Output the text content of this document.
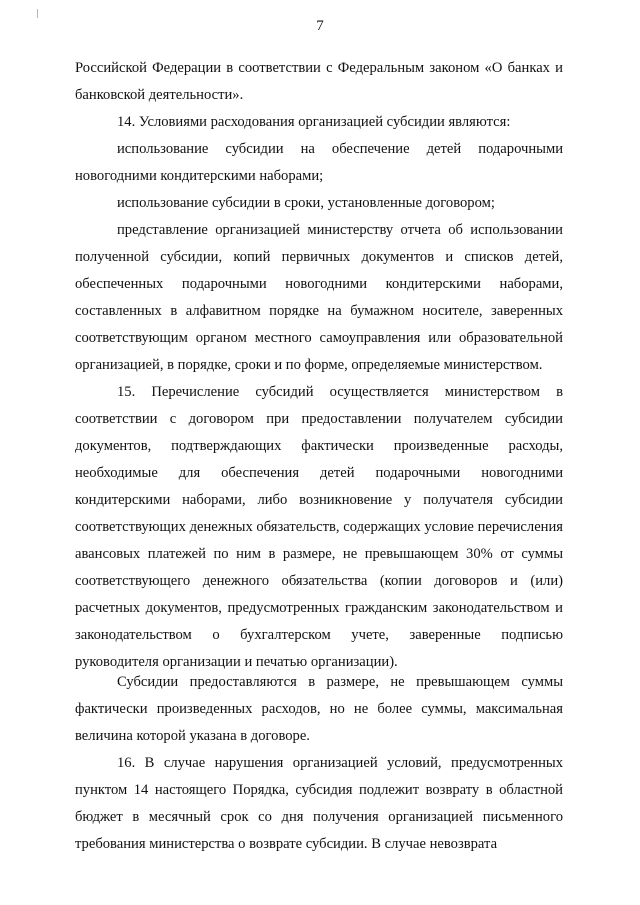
7

Российской Федерации в соответствии с Федеральным законом «О банках и банковской деятельности».

14. Условиями расходования организацией субсидии являются:

использование субсидии на обеспечение детей подарочными новогодними кондитерскими наборами;

использование субсидии в сроки, установленные договором;

представление организацией министерству отчета об использовании полученной субсидии, копий первичных документов и списков детей, обеспеченных подарочными новогодними кондитерскими наборами, составленных в алфавитном порядке на бумажном носителе, заверенных соответствующим органом местного самоуправления или образовательной организацией, в порядке, сроки и по форме, определяемые министерством.

15. Перечисление субсидий осуществляется министерством в соответствии с договором при предоставлении получателем субсидии документов, подтверждающих фактически произведенные расходы, необходимые для обеспечения детей подарочными новогодними кондитерскими наборами, либо возникновение у получателя субсидии соответствующих денежных обязательств, содержащих условие перечисления авансовых платежей по ним в размере, не превышающем 30% от суммы соответствующего денежного обязательства (копии договоров и (или) расчетных документов, предусмотренных гражданским законодательством и законодательством о бухгалтерском учете, заверенные подписью руководителя организации и печатью организации).

Субсидии предоставляются в размере, не превышающем суммы фактически произведенных расходов, но не более суммы, максимальная величина которой указана в договоре.

16. В случае нарушения организацией условий, предусмотренных пунктом 14 настоящего Порядка, субсидия подлежит возврату в областной бюджет в месячный срок со дня получения организацией письменного требования министерства о возврате субсидии. В случае невозврата
